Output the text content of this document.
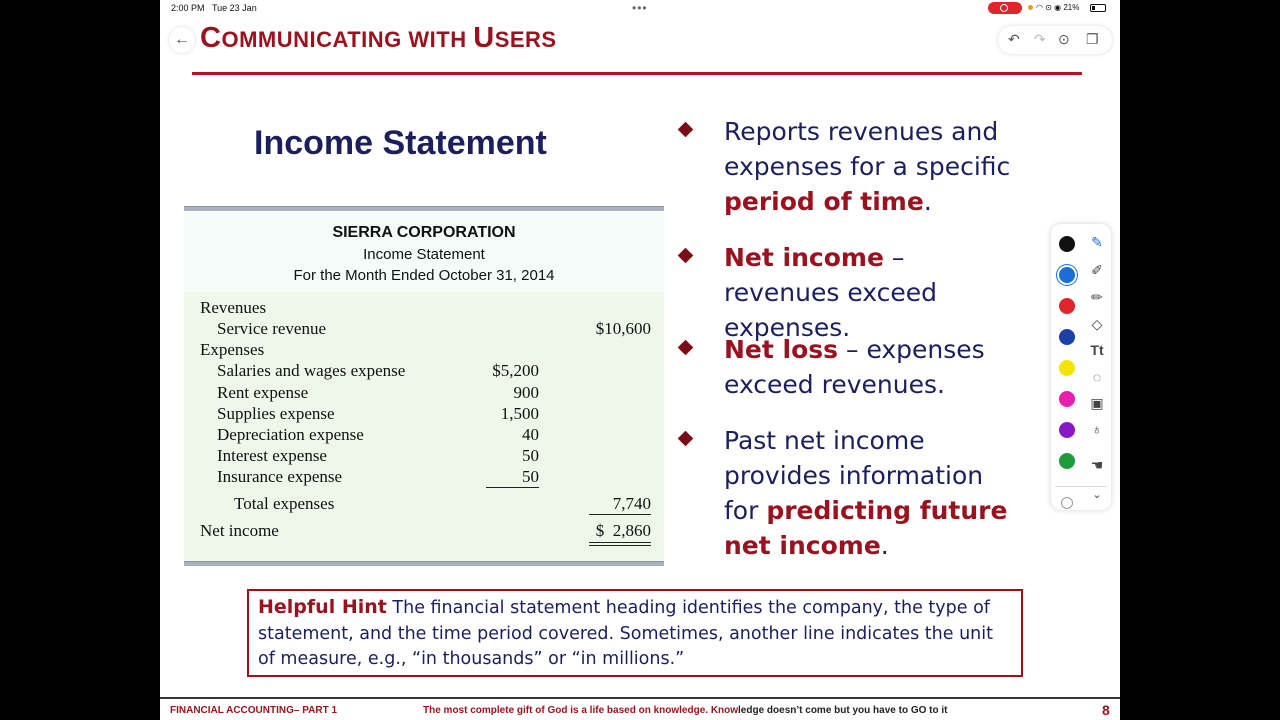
2:00 PM Tue 23 Jan	•••	◠ ⊙ ◉ 21%
←	↶ ↷ ⊙ ❐
COMMUNICATING WITH USERS
Income Statement
SIERRA CORPORATION
Income Statement
For the Month Ended October 31, 2014
Revenues
Service revenue	$10,600
Expenses
Salaries and wages expense	$5,200
Rent expense	900
Supplies expense	1,500
Depreciation expense	40
Interest expense	50
Insurance expense	50
Total expenses	7,740
Net income	$  2,860
Reports revenues and expenses for a specific period of time.
Net income – revenues exceed expenses.
Net loss – expenses exceed revenues.
Past net income provides information for predicting future net income.
✎
✐
✏
◇
Tt
◌
▣
♁
☚
⌄
Helpful Hint The financial statement heading identifies the company, the type of statement, and the time period covered. Sometimes, another line indicates the unit of measure, e.g., “in thousands” or “in millions.”
FINANCIAL ACCOUNTING– PART 1	The most complete gift of God is a life based on knowledge. Knowledge doesn’t come but you have to GO to it	8
